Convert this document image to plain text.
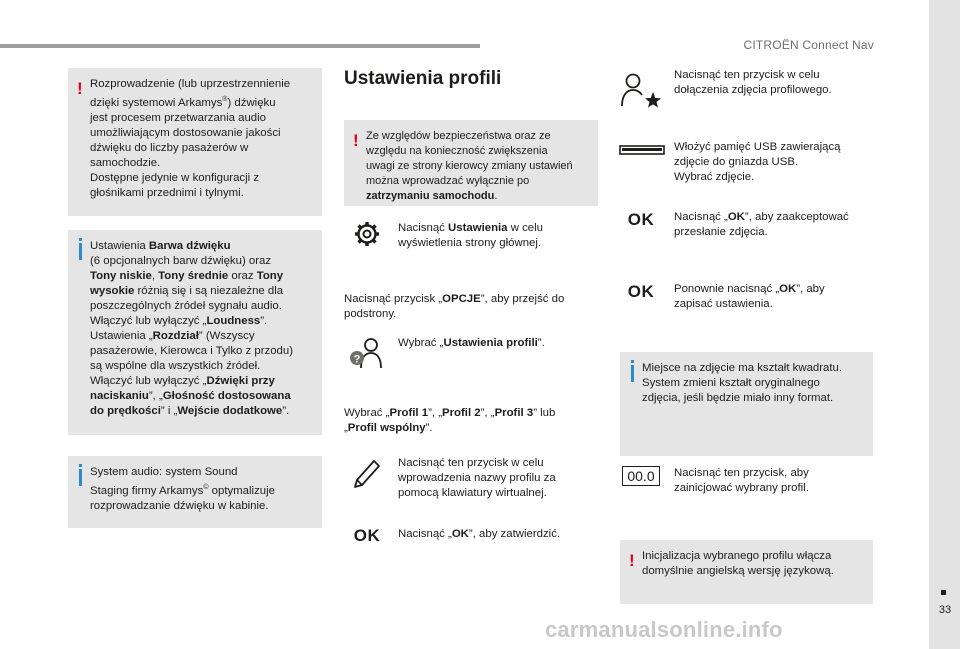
CITROËN Connect Nav
33
carmanualsonline.info
! Rozprowadzenie (lub uprzestrzennienie
dzięki systemowi Arkamys®) dźwięku
jest procesem przetwarzania audio
umożliwiającym dostosowanie jakości
dźwięku do liczby pasażerów w
samochodzie.
Dostępne jedynie w konfiguracji z
głośnikami przednimi i tylnymi.
Ustawienia Barwa dźwięku
(6 opcjonalnych barw dźwięku) oraz
Tony niskie, Tony średnie oraz Tony
wysokie różnią się i są niezależne dla
poszczególnych źródeł sygnału audio.
Włączyć lub wyłączyć „Loudness”.
Ustawienia „Rozdział” (Wszyscy
pasażerowie, Kierowca i Tylko z przodu)
są wspólne dla wszystkich źródeł.
Włączyć lub wyłączyć „Dźwięki przy
naciskaniu”, „Głośność dostosowana
do prędkości” i „Wejście dodatkowe”.
System audio: system Sound
Staging firmy Arkamys© optymalizuje
rozprowadzanie dźwięku w kabinie.
Ustawienia profili
! Ze względów bezpieczeństwa oraz ze
względu na konieczność zwiększenia
uwagi ze strony kierowcy zmiany ustawień
można wprowadzać wyłącznie po
zatrzymaniu samochodu.
Nacisnąć Ustawienia w celu
wyświetlenia strony głównej.
Nacisnąć przycisk „OPCJE”, aby przejść do
podstrony.
?
Wybrać „Ustawienia profili”.
Wybrać „Profil 1”, „Profil 2”, „Profil 3” lub
„Profil wspólny”.
Nacisnąć ten przycisk w celu
wprowadzenia nazwy profilu za
pomocą klawiatury wirtualnej.
OK	Nacisnąć „OK”, aby zatwierdzić.
Nacisnąć ten przycisk w celu
dołączenia zdjęcia profilowego.
Włożyć pamięć USB zawierającą
zdjęcie do gniazda USB.
Wybrać zdjęcie.
OK	Nacisnąć „OK”, aby zaakceptować
przesłanie zdjęcia.
OK	Ponownie nacisnąć „OK”, aby
zapisać ustawienia.
Miejsce na zdjęcie ma kształt kwadratu.
System zmieni kształt oryginalnego
zdjęcia, jeśli będzie miało inny format.
00.0	Nacisnąć ten przycisk, aby
zainicjować wybrany profil.
! Inicjalizacja wybranego profilu włącza
domyślnie angielską wersję językową.
